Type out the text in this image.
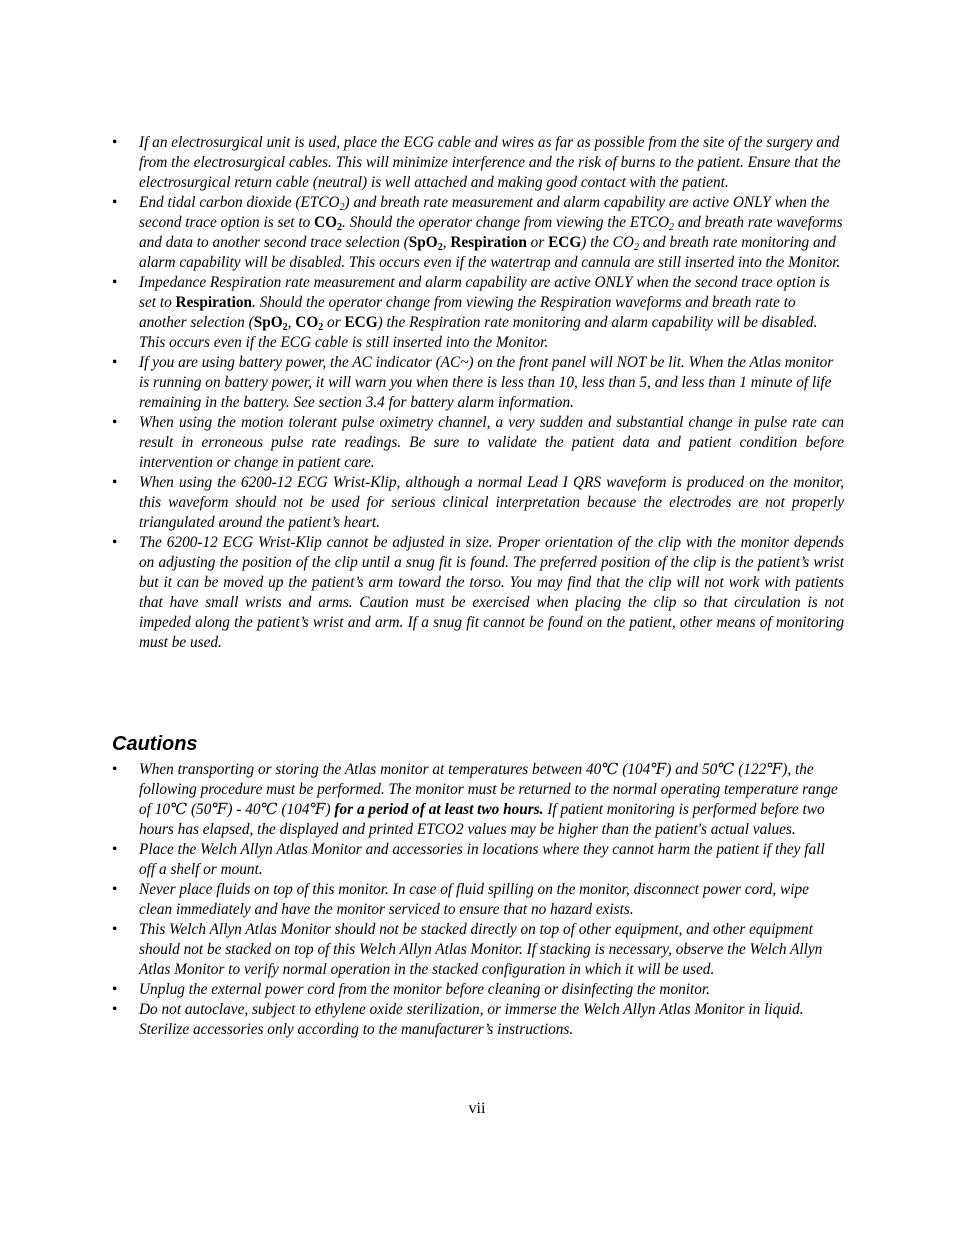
• If an electrosurgical unit is used, place the ECG cable and wires as far as possible from the site of the surgery and from the electrosurgical cables. This will minimize interference and the risk of burns to the patient. Ensure that the electrosurgical return cable (neutral) is well attached and making good contact with the patient.
• End tidal carbon dioxide $(ETCO_2)$ and breath rate measurement and alarm capability are active ONLY when the second trace option is set to $CO_2$. Should the operator change from viewing the $ETCO_2$ and breath rate waveforms and data to another second trace selection (SpO$_2$, Respiration or ECG) the $CO_2$ and breath rate monitoring and alarm capability will be disabled. This occurs even if the watertrap and cannula are still inserted into the Monitor.
• Impedance Respiration rate measurement and alarm capability are active ONLY when the second trace option is set to Respiration. Should the operator change from viewing the Respiration waveforms and breath rate to another selection (SpO$_2$, $CO_2$ or ECG) the Respiration rate monitoring and alarm capability will be disabled. This occurs even if the ECG cable is still inserted into the Monitor.
• If you are using battery power, the AC indicator (AC~) on the front panel will NOT be lit. When the Atlas monitor is running on battery power, it will warn you when there is less than 10, less than 5, and less than 1 minute of life remaining in the battery. See section 3.4 for battery alarm information.
• When using the motion tolerant pulse oximetry channel, a very sudden and substantial change in pulse rate can result in erroneous pulse rate readings. Be sure to validate the patient data and patient condition before intervention or change in patient care.
• When using the 6200-12 ECG Wrist-Klip, although a normal Lead I QRS waveform is produced on the monitor, this waveform should not be used for serious clinical interpretation because the electrodes are not properly triangulated around the patient’s heart.
• The 6200-12 ECG Wrist-Klip cannot be adjusted in size. Proper orientation of the clip with the monitor depends on adjusting the position of the clip until a snug fit is found. The preferred position of the clip is the patient’s wrist but it can be moved up the patient’s arm toward the torso. You may find that the clip will not work with patients that have small wrists and arms. Caution must be exercised when placing the clip so that circulation is not impeded along the patient’s wrist and arm. If a snug fit cannot be found on the patient, other means of monitoring must be used.
Cautions
• When transporting or storing the Atlas monitor at temperatures between 40℃ (104℉) and 50℃ (122℉), the following procedure must be performed. The monitor must be returned to the normal operating temperature range of 10℃ (50℉) - 40℃ (104℉) for a period of at least two hours. If patient monitoring is performed before two hours has elapsed, the displayed and printed ETCO2 values may be higher than the patient's actual values.
• Place the Welch Allyn Atlas Monitor and accessories in locations where they cannot harm the patient if they fall off a shelf or mount.
• Never place fluids on top of this monitor. In case of fluid spilling on the monitor, disconnect power cord, wipe clean immediately and have the monitor serviced to ensure that no hazard exists.
• This Welch Allyn Atlas Monitor should not be stacked directly on top of other equipment, and other equipment should not be stacked on top of this Welch Allyn Atlas Monitor. If stacking is necessary, observe the Welch Allyn Atlas Monitor to verify normal operation in the stacked configuration in which it will be used.
• Unplug the external power cord from the monitor before cleaning or disinfecting the monitor.
• Do not autoclave, subject to ethylene oxide sterilization, or immerse the Welch Allyn Atlas Monitor in liquid. Sterilize accessories only according to the manufacturer’s instructions.
vii
